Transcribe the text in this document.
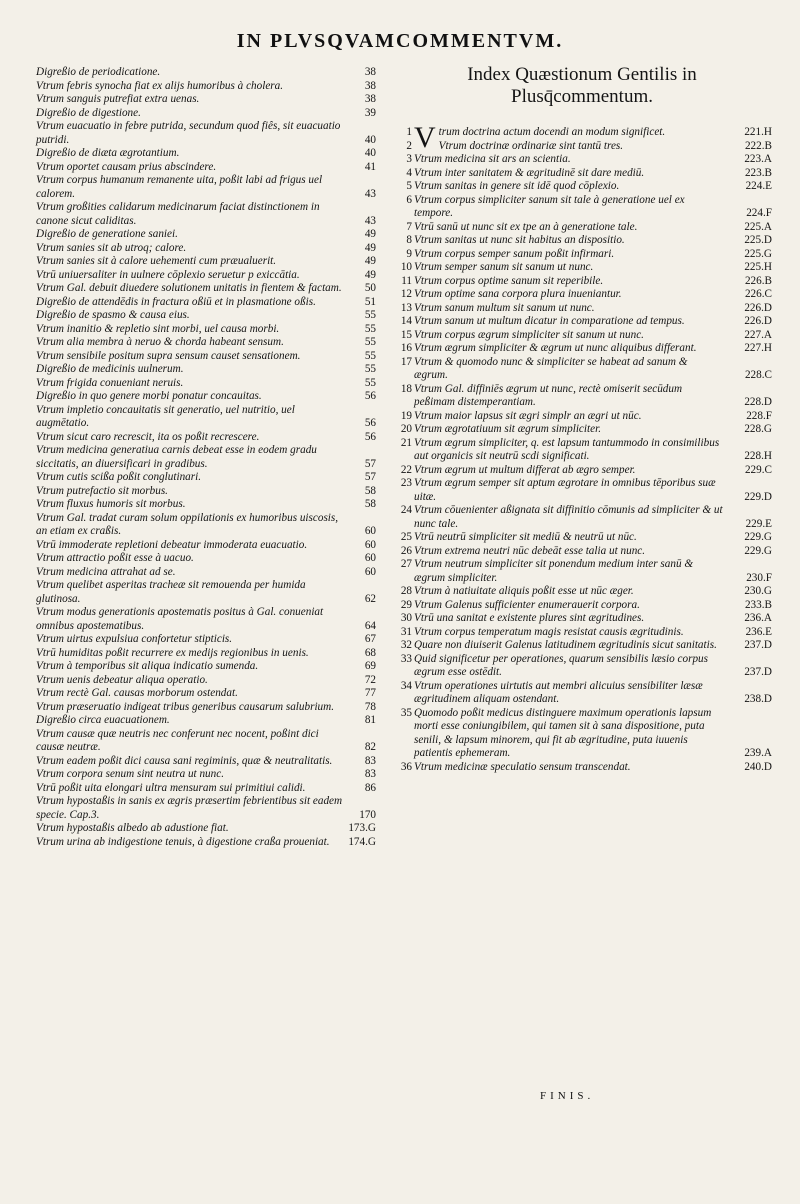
IN PLVSQVAMCOMMENTVM.
Digreßio de periodicatione.	38
Vtrum febris synocha fiat ex alijs humoribus à cholera.	38
Vtrum sanguis putrefiat extra uenas.	38
Digreßio de digestione.	39
Vtrum euacuatio in febre putrida, secundum quod fiês, sit euacuatio putridi.	40
Digreßio de diæta ægrotantium.	40
Vtrum oportet causam prius abscindere.	41
Vtrum corpus humanum remanente uita, poßit labi ad frigus uel calorem.	43
Vtrum großities calidarum medicinarum faciat distinctionem in canone sicut caliditas.	43
Digreßio de generatione saniei.	49
Vtrum sanies sit ab utroq; calore.	49
Vtrum sanies sit à calore uehementi cum præualuerit.	49
Vtrū uniuersaliter in uulnere cōplexio seruetur p exiccātia.	49
Vtrum Gal. debuit diuedere solutionem unitatis in fientem & factam. 50
Digreßio de attendēdis in fractura oßiū et in plasmatione oßis.	51
Digreßio de spasmo & causa eius.	55
Vtrum inanitio & repletio sint morbi, uel causa morbi.	55
Vtrum alia membra à neruo & chorda habeant sensum.	55
Vtrum sensibile positum supra sensum causet sensationem.	55
Digreßio de medicinis uulnerum.	55
Vtrum frigida conueniant neruis.	55
Digreßio in quo genere morbi ponatur concauitas.	56
Vtrum impletio concauitatis sit generatio, uel nutritio, uel augmētatio.	56
Vtrum sicut caro recrescit, ita os poßit recrescere.	56
Vtrum medicina generatiua carnis debeat esse in eodem gradu siccitatis, an diuersificari in gradibus.	57
Vtrum cutis scißa poßit conglutinari.	57
Vtrum putrefactio sit morbus.	58
Vtrum fluxus humoris sit morbus.	58
Vtrum Gal. tradat curam solum oppilationis ex humoribus uiscosis, an etiam ex craßis.	60
Vtrū immoderate repletioni debeatur immoderata euacuatio.	60
Vtrum attractio poßit esse à uacuo.	60
Vtrum medicina attrahat ad se.	60
Vtrum quelibet asperitas tracheæ sit remouenda per humida glutinosa.	62
Vtrum modus generationis apostematis positus à Gal. conueniat omnibus apostematibus.	64
Vtrum uirtus expulsiua confortetur stipticis.	67
Vtrū humiditas poßit recurrere ex medijs regionibus in uenis.	68
Vtrum à temporibus sit aliqua indicatio sumenda.	69
Vtrum uenis debeatur aliqua operatio.	72
Vtrum rectè Gal. causas morborum ostendat.	77
Vtrum præseruatio indigeat tribus generibus causarum salubrium.	78
Digreßio circa euacuationem.	81
Vtrum causæ quæ neutris nec conferunt nec nocent, poßint dici causæ neutræ.	82
Vtrum eadem poßit dici causa sani regiminis, quæ & neutralitatis.	83
Vtrum corpora senum sint neutra ut nunc.	83
Vtrū poßit uita elongari ultra mensuram sui primitiui calidi.	86
Vtrum hypostaßis in sanis ex ægris præsertim febrientibus sit eadem specie. Cap.3.	170
Vtrum hypostaßis albedo ab adustione fiat.	173.G
Vtrum urina ab indigestione tenuis, à digestione craßa proueniat. 174.G
Index Quæstionum Gentilis in
Plusq̄commentum.
V
1 trum doctrina actum docendi an modum significet.	221.H
2 Vtrum doctrinæ ordinariæ sint tantū tres.	222.B
3 Vtrum medicina sit ars an scientia.	223.A
4 Vtrum inter sanitatem & ægritudinē sit dare mediū.	223.B
5 Vtrum sanitas in genere sit idē quod cōplexio.	224.E
6 Vtrum corpus simpliciter sanum sit tale à generatione uel ex tempore.	224.F
7 Vtrū sanū ut nunc sit ex tpe an à generatione tale.	225.A
8 Vtrum sanitas ut nunc sit habitus an dispositio.	225.D
9 Vtrum corpus semper sanum poßit infirmari.	225.G
10 Vtrum semper sanum sit sanum ut nunc.	225.H
11 Vtrum corpus optime sanum sit reperibile.	226.B
12 Vtrum optime sana corpora plura inueniantur.	226.C
13 Vtrum sanum multum sit sanum ut nunc.	226.D
14 Vtrum sanum ut multum dicatur in comparatione ad tempus.	226.D
15 Vtrum corpus ægrum simpliciter sit sanum ut nunc.	227.A
16 Vtrum ægrum simpliciter & ægrum ut nunc aliquibus differant.	227.H
17 Vtrum & quomodo nunc & simpliciter se habeat ad sanum & ægrum.	228.C
18 Vtrum Gal. diffiniēs ægrum ut nunc, rectè omiserit secūdum peßimam distemperantiam.	228.D
19 Vtrum maior lapsus sit ægri simplr an ægri ut nūc.	228.F
20 Vtrum ægrotatiuum sit ægrum simpliciter.	228.G
21 Vtrum ægrum simpliciter, q. est lapsum tantummodo in consimilibus aut organicis sit neutrū scdi significati.	228.H
22 Vtrum ægrum ut multum differat ab ægro semper.	229.C
23 Vtrum ægrum semper sit aptum ægrotare in omnibus tēporibus suæ uitæ.	229.D
24 Vtrum cōuenienter aßignata sit diffinitio cōmunis ad simpliciter & ut nunc tale.	229.E
25 Vtrū neutrū simpliciter sit mediū & neutrū ut nūc.	229.G
26 Vtrum extrema neutri nūc debeāt esse talia ut nunc.	229.G
27 Vtrum neutrum simpliciter sit ponendum medium inter sanū & ægrum simpliciter.	230.F
28 Vtrum à natiuitate aliquis poßit esse ut nūc æger.	230.G
29 Vtrum Galenus sufficienter enumerauerit corpora.	233.B
30 Vtrū una sanitat e existente plures sint ægritudines.	236.A
31 Vtrum corpus temperatum magis resistat causis ægritudinis.	236.E
32 Quare non diuiserit Galenus latitudinem ægritudinis sicut sanitatis. 237.D
33 Quid significetur per operationes, quarum sensibilis læsio corpus ægrum esse ostēdit.	237.D
34 Vtrum operationes uirtutis aut membri alicuius sensibiliter læsæ ægritudinem aliquam ostendant.	238.D
35 Quomodo poßit medicus distinguere maximum operationis lapsum morti esse coniungibilem, qui tamen sit à sana dispositione, puta senili, & lapsum minorem, qui fit ab ægritudine, puta iuuenis patientis ephemeram.	239.A
36 Vtrum medicinæ speculatio sensum transcendat.	240.D
FINIS.
